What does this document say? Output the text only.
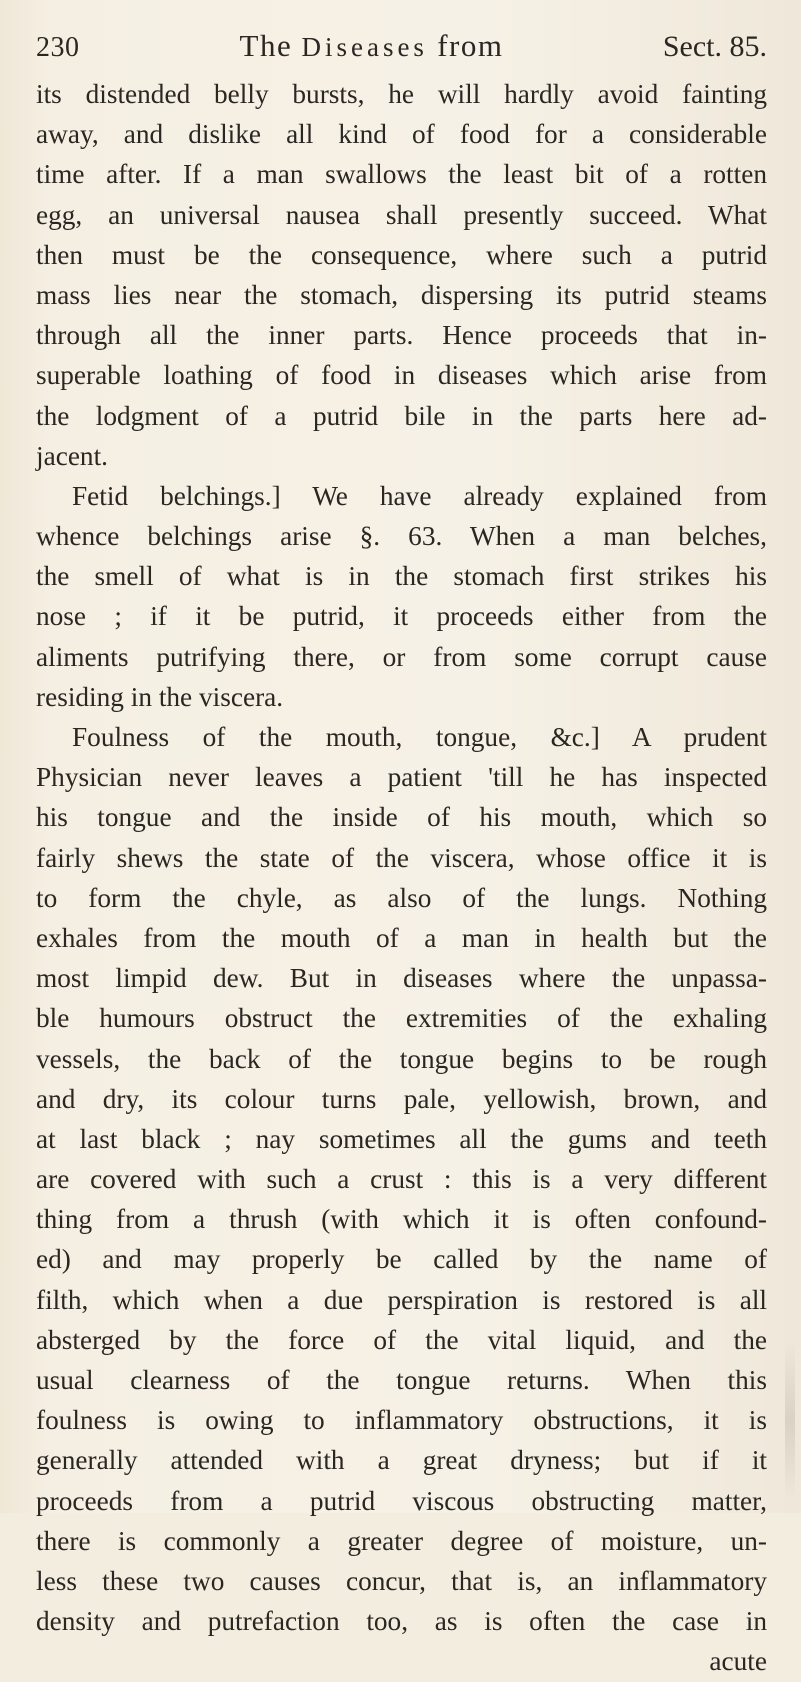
230	The Diseases from	Sect. 85.
its distended belly bursts, he will hardly avoid fainting
away, and dislike all kind of food for a considerable
time after. If a man swallows the least bit of a rotten
egg, an universal nausea shall presently succeed. What
then must be the consequence, where such a putrid
mass lies near the stomach, dispersing its putrid steams
through all the inner parts. Hence proceeds that in-
superable loathing of food in diseases which arise from
the lodgment of a putrid bile in the parts here ad-
jacent.
Fetid belchings.] We have already explained from
whence belchings arise §. 63. When a man belches,
the smell of what is in the stomach first strikes his
nose ; if it be putrid, it proceeds either from the
aliments putrifying there, or from some corrupt cause
residing in the viscera.
Foulness of the mouth, tongue, &c.] A prudent
Physician never leaves a patient 'till he has inspected
his tongue and the inside of his mouth, which so
fairly shews the state of the viscera, whose office it is
to form the chyle, as also of the lungs. Nothing
exhales from the mouth of a man in health but the
most limpid dew. But in diseases where the unpassa-
ble humours obstruct the extremities of the exhaling
vessels, the back of the tongue begins to be rough
and dry, its colour turns pale, yellowish, brown, and
at last black ; nay sometimes all the gums and teeth
are covered with such a crust : this is a very different
thing from a thrush (with which it is often confound-
ed) and may properly be called by the name of
filth, which when a due perspiration is restored is all
absterged by the force of the vital liquid, and the
usual clearness of the tongue returns. When this
foulness is owing to inflammatory obstructions, it is
generally attended with a great dryness; but if it
proceeds from a putrid viscous obstructing matter,
there is commonly a greater degree of moisture, un-
less these two causes concur, that is, an inflammatory
density and putrefaction too, as is often the case in
acute
